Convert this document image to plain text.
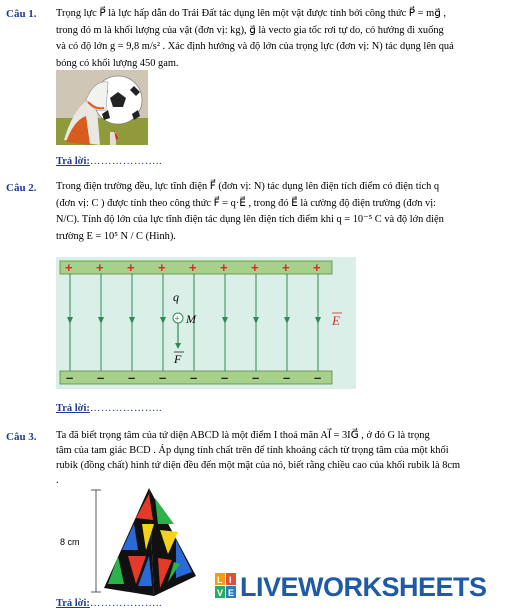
Câu 1. Trọng lực P⃗ là lực hấp dẫn do Trái Đất tác dụng lên một vật được tính bởi công thức P⃗ = mg⃗ ,
trong đó m là khối lượng của vật (đơn vị: kg), g⃗ là vecto gia tốc rơi tự do, có hướng đi xuống
và có độ lớn g = 9,8 m/s² . Xác định hướng và độ lớn của trọng lực (đơn vị: N) tác dụng lên quả
bóng có khối lượng 450 gam.
Trả lời:………………..
Câu 2. Trong điện trường đều, lực tĩnh điện F⃗ (đơn vị: N) tác dụng lên điện tích điểm có điện tích q
(đơn vị: C ) được tính theo công thức F⃗ = q·E⃗ , trong đó E⃗ là cường độ điện trường (đơn vị:
N/C). Tính độ lớn của lực tĩnh điện tác dụng lên điện tích điểm khi q = 10⁻⁵ C và độ lớn điện
trường E = 10⁵ N / C (Hình).
+ + + + + + + + +
– – – – – – – – –
+
q
M
F
E
Trả lời:………………..
Câu 3. Ta đã biết trọng tâm của tứ diện ABCD là một điểm I thoả mãn AI⃗ = 3IG⃗ , ở đó G là trọng
tâm của tam giác BCD . Áp dụng tính chất trên để tính khoảng cách từ trọng tâm của một khối
rubik (đồng chất) hình tứ diện đều đến một mặt của nó, biết rằng chiều cao của khối rubik là 8cm
.
8 cm
L I
V E LIVEWORKSHEETS
Trả lời:………………..
